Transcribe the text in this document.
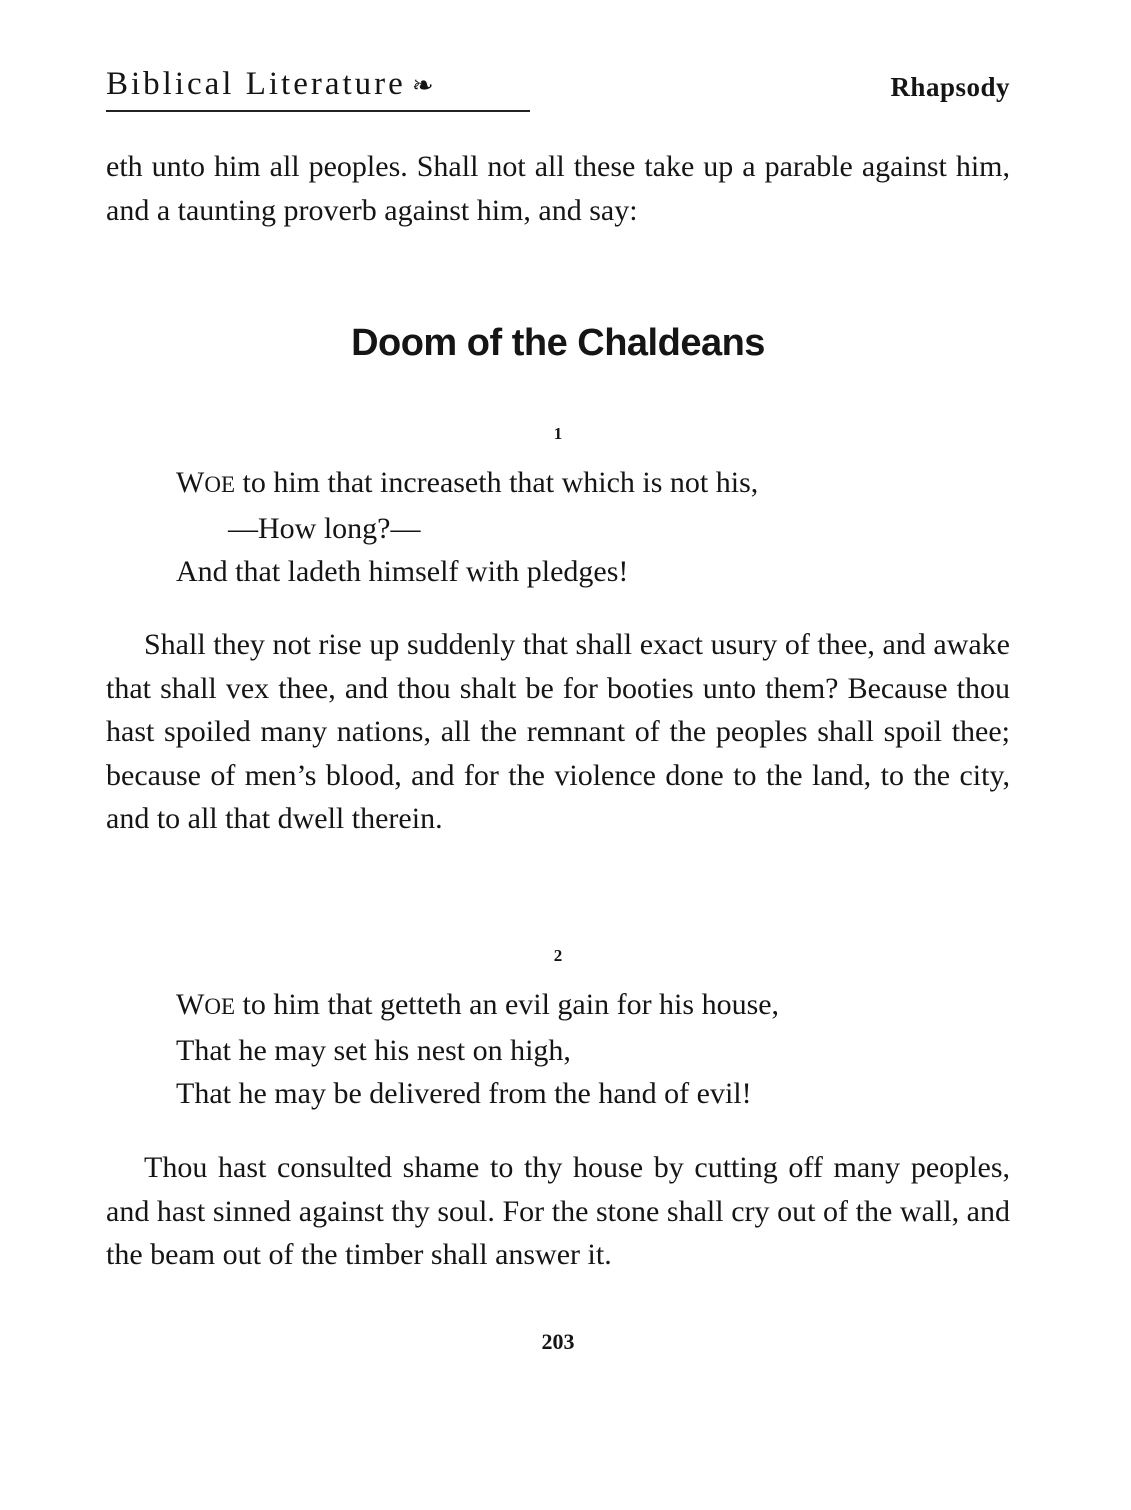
Biblical Literature ❧	Rhapsody

eth unto him all peoples. Shall not all these take up a parable against him, and a taunting proverb against him, and say:

Doom of the Chaldeans
1
WOE to him that increaseth that which is not his,
—How long?—
And that ladeth himself with pledges!

Shall they not rise up suddenly that shall exact usury of thee, and awake that shall vex thee, and thou shalt be for booties unto them? Because thou hast spoiled many nations, all the remnant of the peoples shall spoil thee; because of men’s blood, and for the violence done to the land, to the city, and to all that dwell therein.

2
WOE to him that getteth an evil gain for his house,
That he may set his nest on high,
That he may be delivered from the hand of evil!

Thou hast consulted shame to thy house by cutting off many peoples, and hast sinned against thy soul. For the stone shall cry out of the wall, and the beam out of the timber shall answer it.

203
